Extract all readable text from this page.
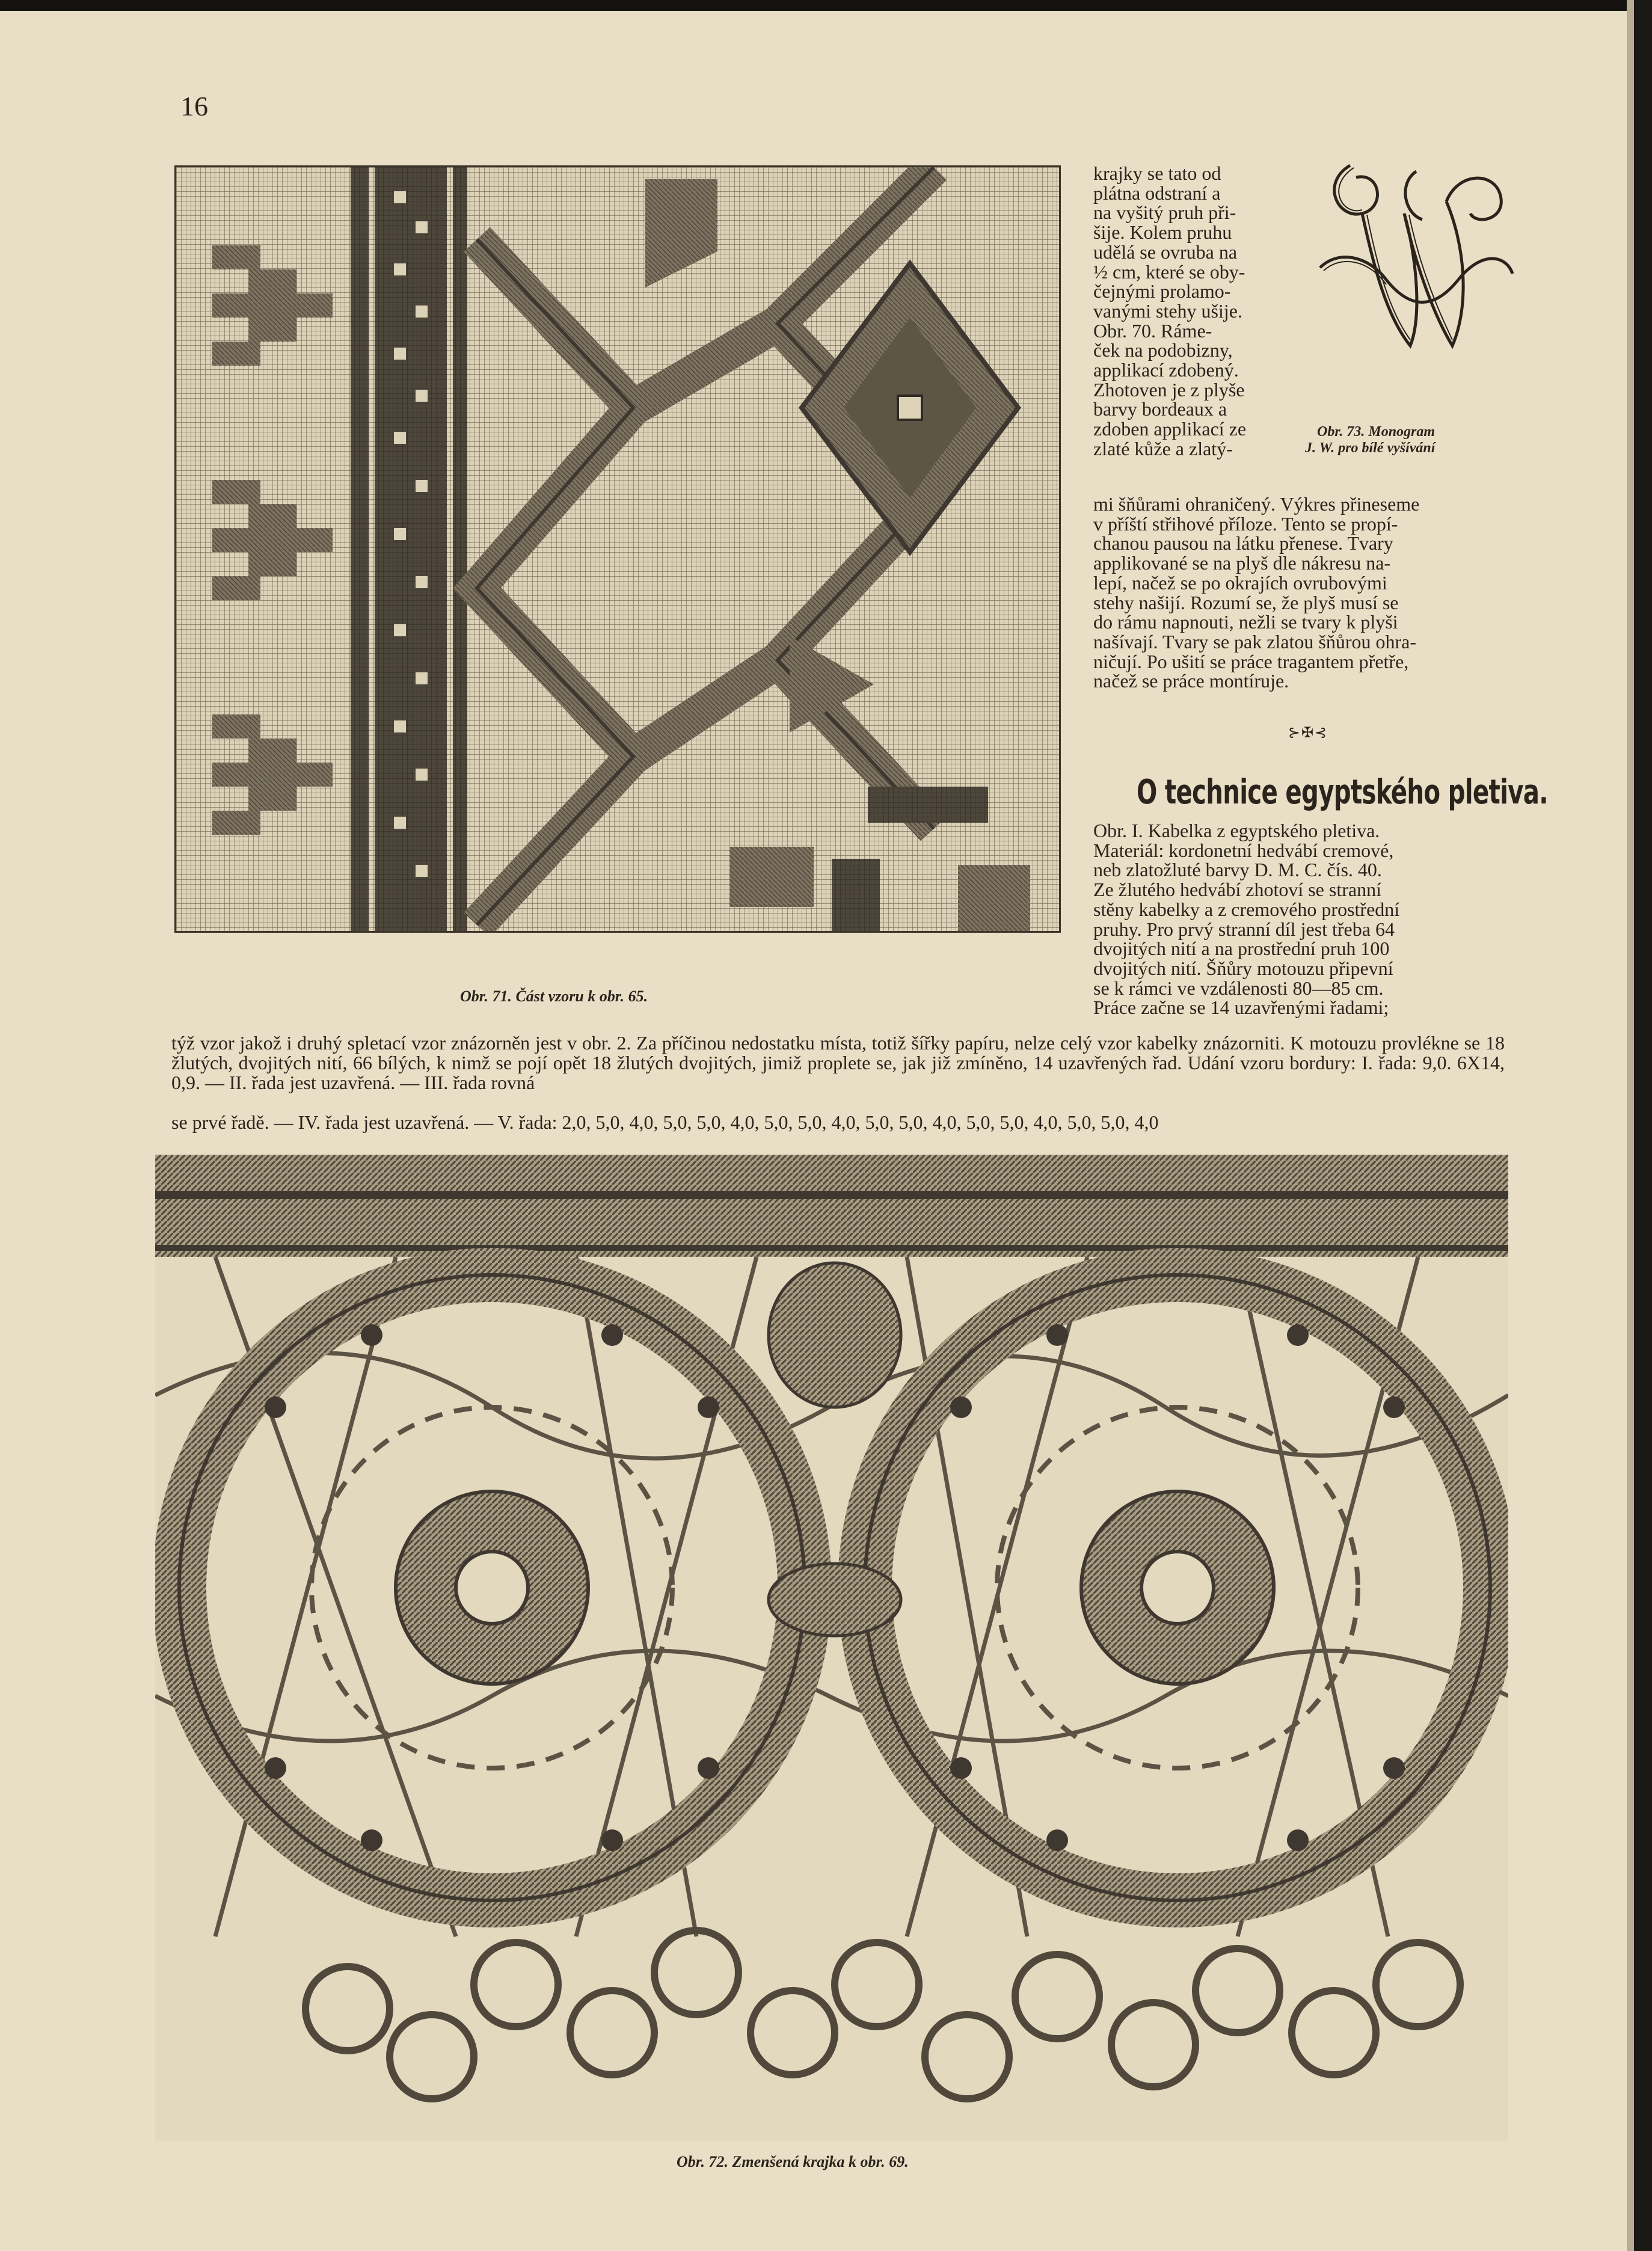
16
Obr. 71. Část vzoru k obr. 65.
Obr. 73. Monogram
J. W. pro bílé vyšívání

krajky se tato od

plátna odstraní a

na vyšitý pruh při-

šije. Kolem pruhu

udělá se ovruba na

½ cm, které se oby-

čejnými prolamo-

vanými stehy ušije.

Obr. 70. Ráme-

ček na podobizny,

applikací zdobený.

Zhotoven je z plyše

barvy bordeaux a

zdoben applikací ze

zlaté kůže a zlatý-

mi šňůrami ohraničený. Výkres přineseme

v příští střihové příloze. Tento se propí-

chanou pausou na látku přenese. Tvary

applikované se na plyš dle nákresu na-

lepí, načež se po okrajích ovrubovými

stehy našijí. Rozumí se, že plyš musí se

do rámu napnouti, nežli se tvary k plyši

našívají. Tvary se pak zlatou šňůrou ohra-

ničují. Po ušití se práce tragantem přetře,

načež se práce montíruje.

⊱✠⊰
O technice egyptského pletiva.

Obr. I. Kabelka z egyptského pletiva.

Materiál: kordonetní hedvábí cremové,

neb zlatožluté barvy D. M. C. čís. 40.

Ze žlutého hedvábí zhotoví se stranní

stěny kabelky a z cremového prostřední

pruhy. Pro prvý stranní díl jest třeba 64

dvojitých nití a na prostřední pruh 100

dvojitých nití. Šňůry motouzu připevní

se k rámci ve vzdálenosti 80—85 cm.

Práce začne se 14 uzavřenými řadami;

týž vzor jakož i druhý spletací vzor znázorněn jest v obr. 2. Za příčinou nedostatku místa, totiž šířky papíru, nelze celý vzor kabelky znázorniti. K motouzu provlékne se 18 žlutých, dvojitých nití, 66 bílých, k nimž se pojí opět 18 žlutých dvojitých, jimiž proplete se, jak již zmíněno, 14 uzavřených řad. Udání vzoru bordury: I. řada: 9,0. 6X14, 0,9. — II. řada jest uzavřená. — III. řada rovná
se prvé řadě. — IV. řada jest uzavřená. — V. řada: 2,0, 5,0, 4,0, 5,0, 5,0, 4,0, 5,0, 5,0, 4,0, 5,0, 5,0, 4,0, 5,0, 5,0, 4,0, 5,0, 5,0, 4,0
Obr. 72. Zmenšená krajka k obr. 69.
